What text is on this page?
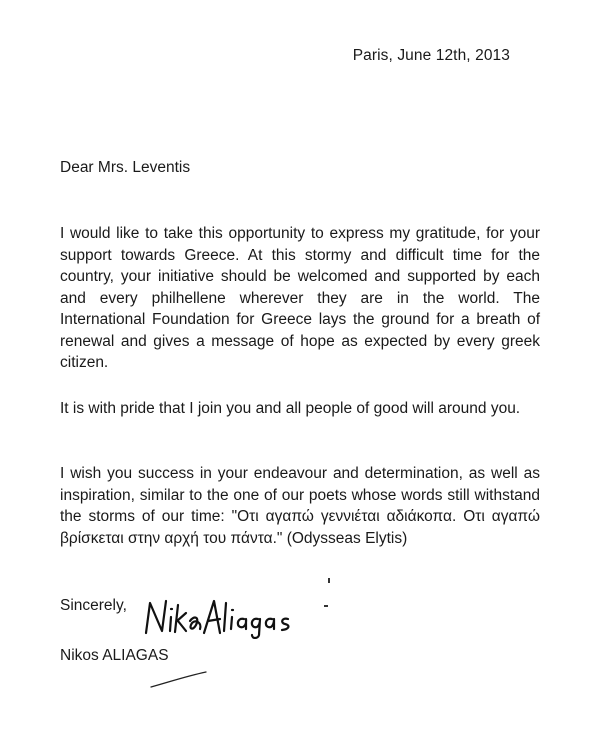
Paris, June 12th, 2013
Dear Mrs. Leventis

I would like to take this opportunity to express my gratitude, for your support towards Greece. At this stormy and difficult time for the country, your initiative should be welcomed and supported by each and every philhellene wherever they are in the world. The International Foundation for Greece lays the ground for a breath of renewal and gives a message of hope as expected by every greek citizen.

It is with pride that I join you and all people of good will around you.

I wish you success in your endeavour and determination, as well as inspiration, similar to the one of our poets whose words still withstand the storms of our time: "Oτι αγαπώ γεννιέται αδιάκοπα. Οτι αγαπώ βρίσκεται στην αρχή του πάντα." (Odysseas Elytis)

Sincerely,
Nikos ALIAGAS
